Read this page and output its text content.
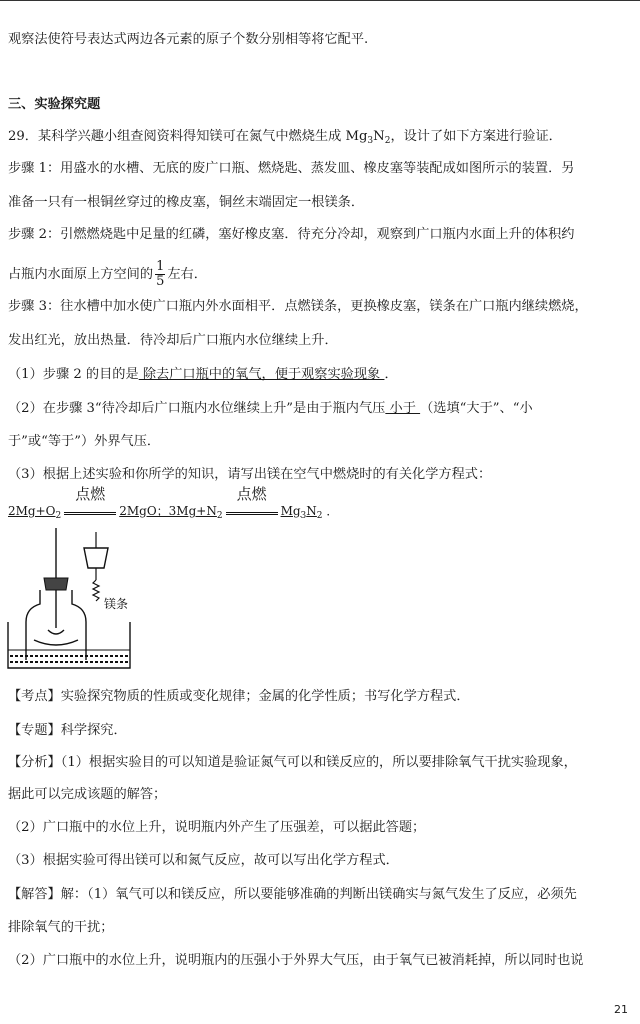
观察法使符号表达式两边各元素的原子个数分别相等将它配平.
三、实验探究题
29．某科学兴趣小组查阅资料得知镁可在氮气中燃烧生成 $Mg_3N_2$，设计了如下方案进行验证．
步骤 1：用盛水的水槽、无底的废广口瓶、燃烧匙、蒸发皿、橡皮塞等装配成如图所示的装置．另
准备一只有一根铜丝穿过的橡皮塞，铜丝末端固定一根镁条．
步骤 2：引燃燃烧匙中足量的红磷，塞好橡皮塞．待充分冷却，观察到广口瓶内水面上升的体积约
占瓶内水面原上方空间的 $\frac{1}{5}$ 左右．
步骤 3：往水槽中加水使广口瓶内外水面相平．点燃镁条，更换橡皮塞，镁条在广口瓶内继续燃烧，
发出红光，放出热量．待冷却后广口瓶内水位继续上升．
（1）步骤 2 的目的是 除去广口瓶中的氧气，便于观察实验现象 ．
（2）在步骤 3“待冷却后广口瓶内水位继续上升”是由于瓶内气压 小于 （选填“大于”、“小
于”或“等于”）外界气压．
（3）根据上述实验和你所学的知识，请写出镁在空气中燃烧时的有关化学方程式：
$2Mg+O_2$
点燃
2MgO；$3Mg+N_2$
点燃
$Mg_3N_2$ ．
镁条
【考点】实验探究物质的性质或变化规律；金属的化学性质；书写化学方程式．
【专题】科学探究．
【分析】（1）根据实验目的可以知道是验证氮气可以和镁反应的，所以要排除氧气干扰实验现象，
据此可以完成该题的解答；
（2）广口瓶中的水位上升，说明瓶内外产生了压强差，可以据此答题；
（3）根据实验可得出镁可以和氮气反应，故可以写出化学方程式．
【解答】解：（1）氧气可以和镁反应，所以要能够准确的判断出镁确实与氮气发生了反应，必须先
排除氧气的干扰；
（2）广口瓶中的水位上升，说明瓶内的压强小于外界大气压，由于氧气已被消耗掉，所以同时也说
21
